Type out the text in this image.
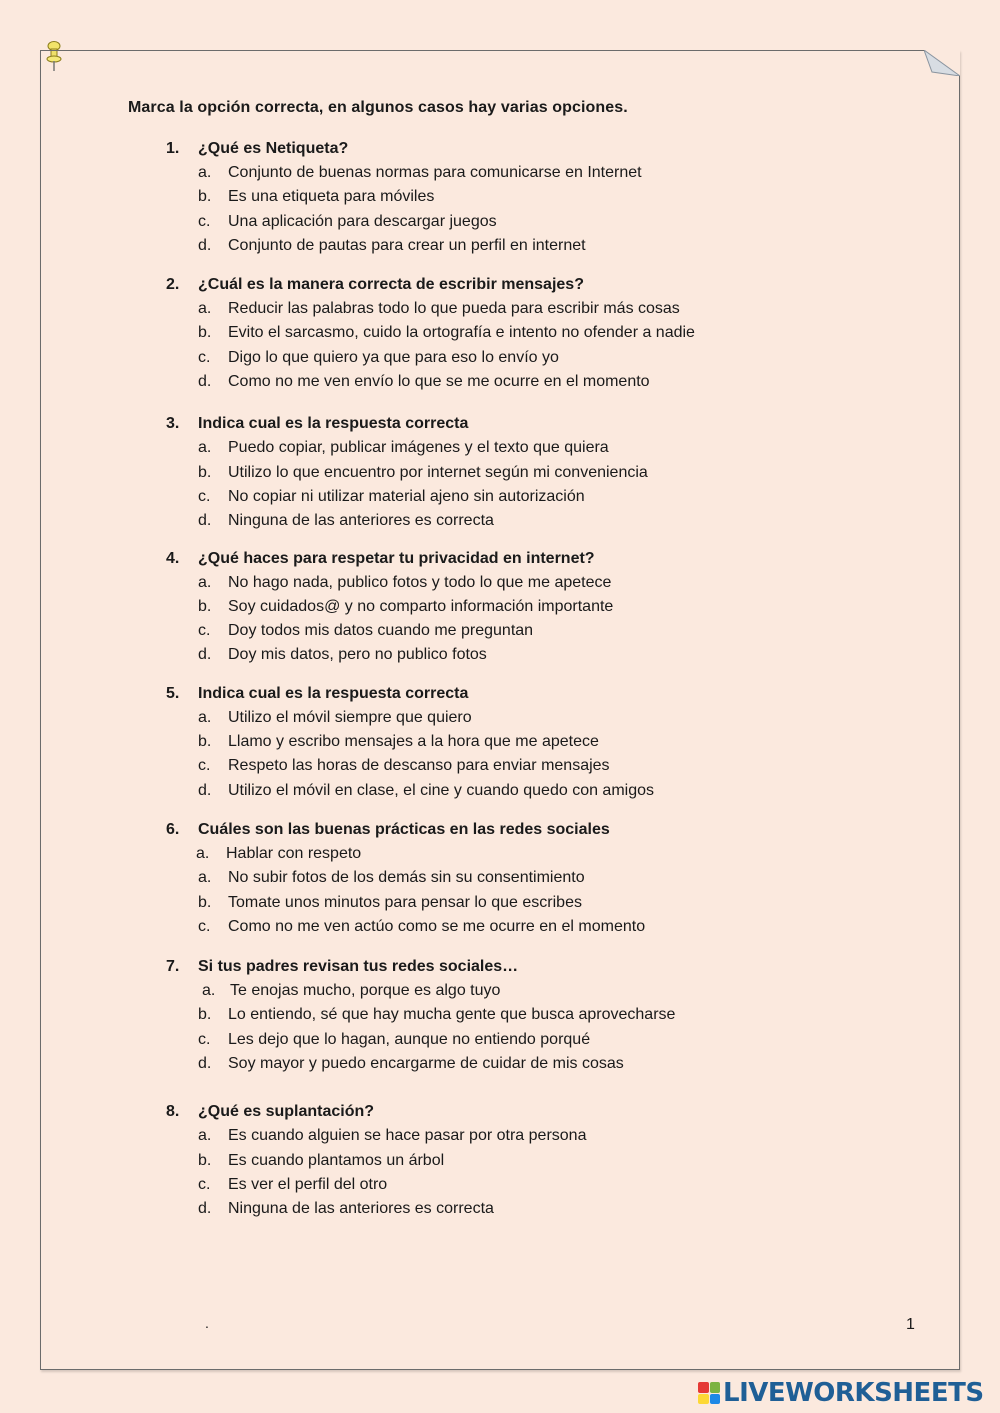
Marca la opción correcta, en algunos casos hay varias opciones.
1. ¿Qué es Netiqueta?
a. Conjunto de buenas normas para comunicarse en Internet
b. Es una etiqueta para móviles
c. Una aplicación para descargar juegos
d. Conjunto de pautas para crear un perfil en internet
2. ¿Cuál es la manera correcta de escribir mensajes?
a. Reducir las palabras todo lo que pueda para escribir más cosas
b. Evito el sarcasmo, cuido la ortografía e intento no ofender a nadie
c. Digo lo que quiero ya que para eso lo envío yo
d. Como no me ven envío lo que se me ocurre en el momento
3. Indica cual es la respuesta correcta
a. Puedo copiar, publicar imágenes y el texto que quiera
b. Utilizo lo que encuentro por internet según mi conveniencia
c. No copiar ni utilizar material ajeno sin autorización
d. Ninguna de las anteriores es correcta
4. ¿Qué haces para respetar tu privacidad en internet?
a. No hago nada, publico fotos y todo lo que me apetece
b. Soy cuidados@ y no comparto información importante
c. Doy todos mis datos cuando me preguntan
d. Doy mis datos, pero no publico fotos
5. Indica cual es la respuesta correcta
a. Utilizo el móvil siempre que quiero
b. Llamo y escribo mensajes a la hora que me apetece
c. Respeto las horas de descanso para enviar mensajes
d. Utilizo el móvil en clase, el cine y cuando quedo con amigos
6. Cuáles son las buenas prácticas en las redes sociales
a. Hablar con respeto
a. No subir fotos de los demás sin su consentimiento
b. Tomate unos minutos para pensar lo que escribes
c. Como no me ven actúo como se me ocurre en el momento
7. Si tus padres revisan tus redes sociales…
a. Te enojas mucho, porque es algo tuyo
b. Lo entiendo, sé que hay mucha gente que busca aprovecharse
c. Les dejo que lo hagan, aunque no entiendo porqué
d. Soy mayor y puedo encargarme de cuidar de mis cosas
8. ¿Qué es suplantación?
a. Es cuando alguien se hace pasar por otra persona
b. Es cuando plantamos un árbol
c. Es ver el perfil del otro
d. Ninguna de las anteriores es correcta
.	1
LIVEWORKSHEETS
